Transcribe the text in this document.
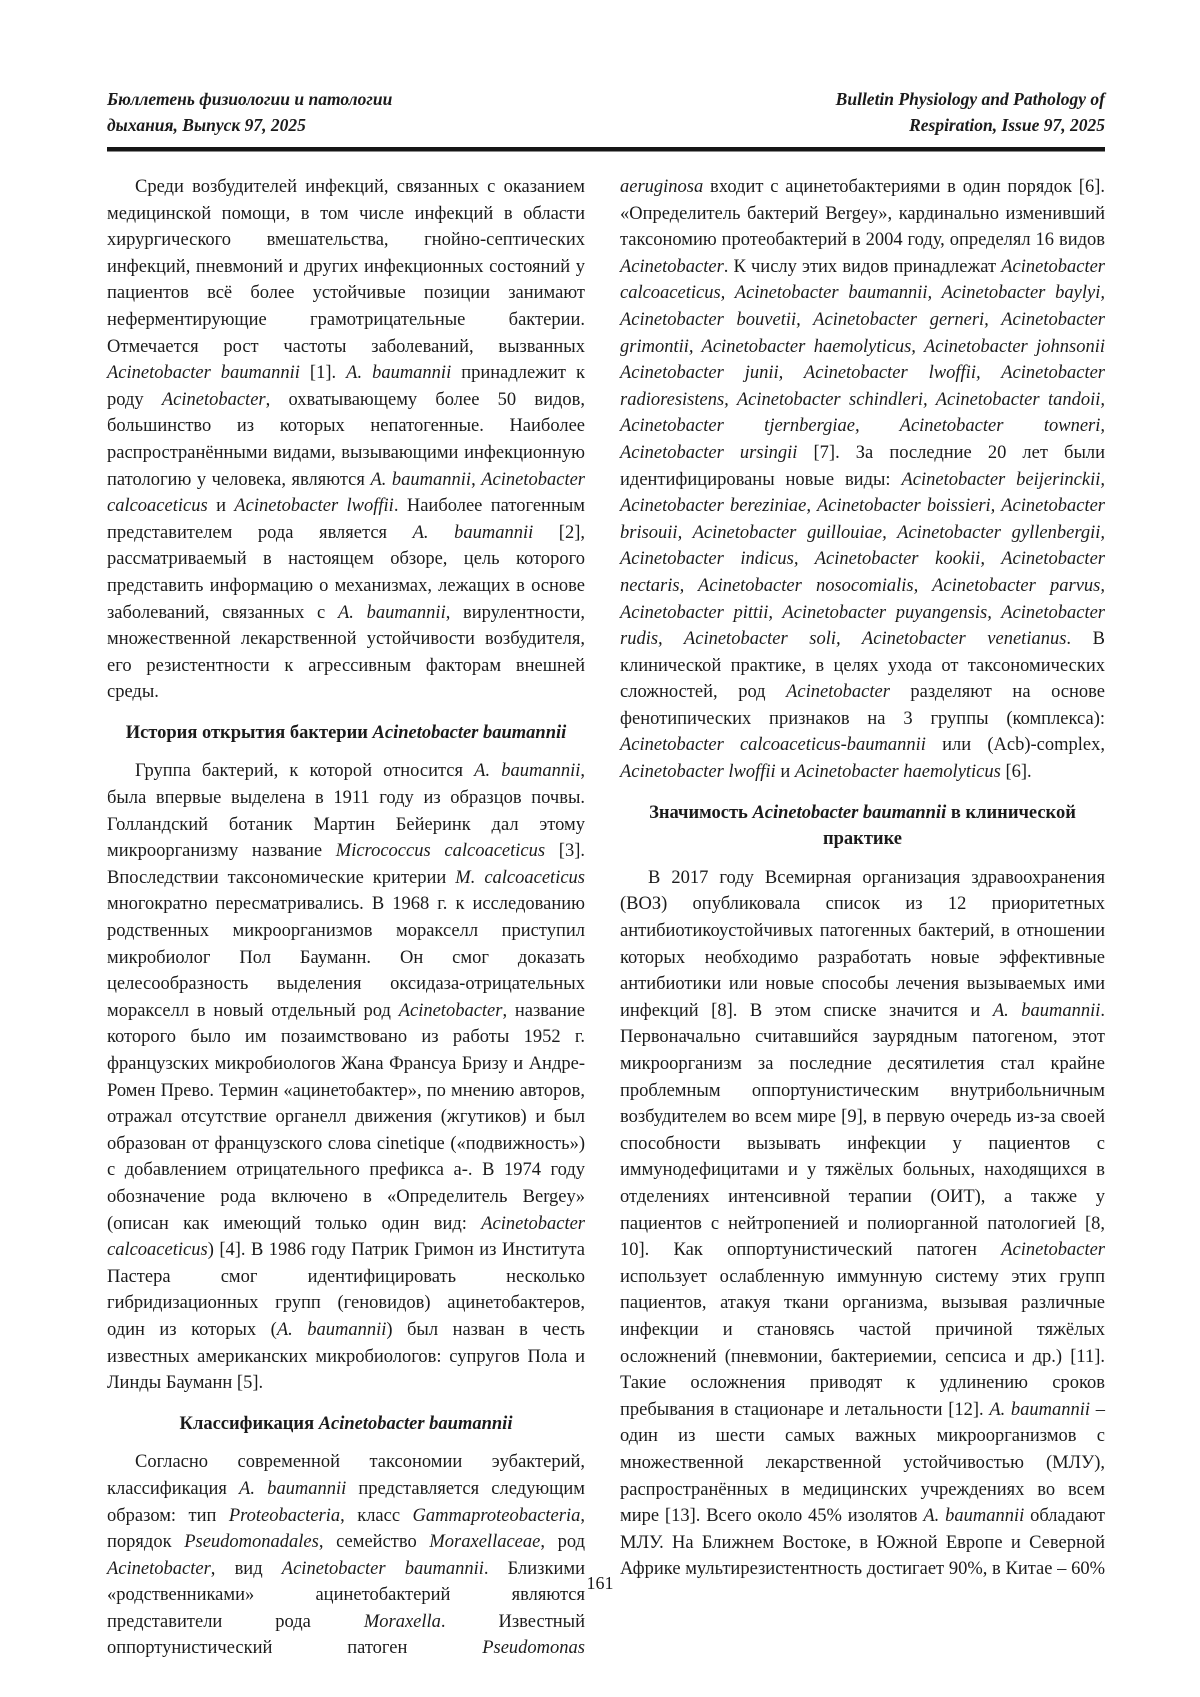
Бюллетень физиологии и патологии
дыхания, Выпуск 97, 2025
Bulletin Physiology and Pathology of
Respiration, Issue 97, 2025

Среди возбудителей инфекций, связанных с оказанием медицинской помощи, в том числе инфекций в области хирургического вмешательства, гнойно-септических инфекций, пневмоний и других инфекционных состояний у пациентов всё более устойчивые позиции занимают неферментирующие грамотрицательные бактерии. Отмечается рост частоты заболеваний, вызванных Acinetobacter baumannii [1]. A. baumannii принадлежит к роду Acinetobacter, охватывающему более 50 видов, большинство из которых непатогенные. Наиболее распространёнными видами, вызывающими инфекционную патологию у человека, являются A. baumannii, Acinetobacter calcoaceticus и Acinetobacter lwoffii. Наиболее патогенным представителем рода является A. baumannii [2], рассматриваемый в настоящем обзоре, цель которого представить информацию о механизмах, лежащих в основе заболеваний, связанных с A. baumannii, вирулентности, множественной лекарственной устойчивости возбудителя, его резистентности к агрессивным факторам внешней среды.

История открытия бактерии Acinetobacter baumannii

Группа бактерий, к которой относится A. baumannii, была впервые выделена в 1911 году из образцов почвы. Голландский ботаник Мартин Бейеринк дал этому микроорганизму название Micrococcus calcoaceticus [3]. Впоследствии таксономические критерии M. calcoaceticus многократно пересматривались. В 1968 г. к исследованию родственных микроорганизмов моракселл приступил микробиолог Пол Бауманн. Он смог доказать целесообразность выделения оксидаза-отрицательных моракселл в новый отдельный род Acinetobacter, название которого было им позаимствовано из работы 1952 г. французских микробиологов Жана Франсуа Бризу и Андре-Ромен Прево. Термин «ацинетобактер», по мнению авторов, отражал отсутствие органелл движения (жгутиков) и был образован от французского слова cinetique («подвижность») с добавлением отрицательного префикса a-. В 1974 году обозначение рода включено в «Определитель Bergey» (описан как имеющий только один вид: Acinetobacter calcoaceticus) [4]. В 1986 году Патрик Гримон из Института Пастера смог идентифицировать несколько гибридизационных групп (геновидов) ацинетобактеров, один из которых (A. baumannii) был назван в честь известных американских микробиологов: супругов Пола и Линды Бауманн [5].

Классификация Acinetobacter baumannii

Согласно современной таксономии эубактерий, классификация A. baumannii представляется следующим образом: тип Proteobacteria, класс Gammaproteobacteria, порядок Pseudomonadales, семейство Moraxellaceae, род Acinetobacter, вид Acinetobacter baumannii. Близкими «родственниками» ацинетобактерий являются представители рода Moraxella. Известный оппортунистический патоген Pseudomonas

aeruginosa входит с ацинетобактериями в один порядок [6]. «Определитель бактерий Bergey», кардинально изменивший таксономию протеобактерий в 2004 году, определял 16 видов Acinetobacter. К числу этих видов принадлежат Acinetobacter calcoaceticus, Acinetobacter baumannii, Acinetobacter baylyi, Acinetobacter bouvetii, Acinetobacter gerneri, Acinetobacter grimontii, Acinetobacter haemolyticus, Acinetobacter johnsonii Acinetobacter junii, Acinetobacter lwoffii, Acinetobacter radioresistens, Acinetobacter schindleri, Acinetobacter tandoii, Acinetobacter tjernbergiae, Acinetobacter towneri, Acinetobacter ursingii [7]. За последние 20 лет были идентифицированы новые виды: Acinetobacter beijerinckii, Acinetobacter bereziniae, Acinetobacter boissieri, Acinetobacter brisouii, Acinetobacter guillouiae, Acinetobacter gyllenbergii, Acinetobacter indicus, Acinetobacter kookii, Acinetobacter nectaris, Acinetobacter nosocomialis, Acinetobacter parvus, Acinetobacter pittii, Acinetobacter puyangensis, Acinetobacter rudis, Acinetobacter soli, Acinetobacter venetianus. В клинической практике, в целях ухода от таксономических сложностей, род Acinetobacter разделяют на основе фенотипических признаков на 3 группы (комплекса): Acinetobacter calcoaceticus-baumannii или (Acb)-complex, Acinetobacter lwoffii и Acinetobacter haemolyticus [6].

Значимость Acinetobacter baumannii в клинической практике

В 2017 году Всемирная организация здравоохранения (ВОЗ) опубликовала список из 12 приоритетных антибиотикоустойчивых патогенных бактерий, в отношении которых необходимо разработать новые эффективные антибиотики или новые способы лечения вызываемых ими инфекций [8]. В этом списке значится и A. baumannii. Первоначально считавшийся заурядным патогеном, этот микроорганизм за последние десятилетия стал крайне проблемным оппортунистическим внутрибольничным возбудителем во всем мире [9], в первую очередь из-за своей способности вызывать инфекции у пациентов с иммунодефицитами и у тяжёлых больных, находящихся в отделениях интенсивной терапии (ОИТ), а также у пациентов с нейтропенией и полиорганной патологией [8, 10]. Как оппортунистический патоген Acinetobacter использует ослабленную иммунную систему этих групп пациентов, атакуя ткани организма, вызывая различные инфекции и становясь частой причиной тяжёлых осложнений (пневмонии, бактериемии, сепсиса и др.) [11]. Такие осложнения приводят к удлинению сроков пребывания в стационаре и летальности [12]. A. baumannii – один из шести самых важных микроорганизмов с множественной лекарственной устойчивостью (МЛУ), распространённых в медицинских учреждениях во всем мире [13]. Всего около 45% изолятов A. baumannii обладают МЛУ. На Ближнем Востоке, в Южной Европе и Северной Африке мультирезистентность достигает 90%, в Китае – 60%

161
